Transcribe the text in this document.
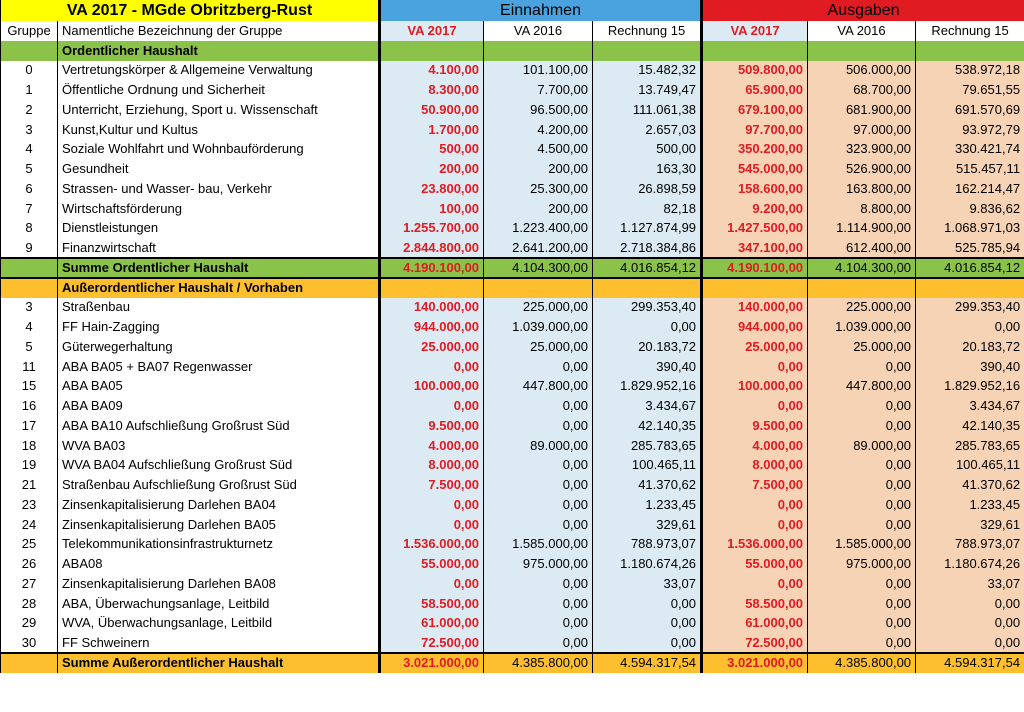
VA 2017 - MGde Obritzberg-Rust		Einnahmen			Ausgaben		
Gruppe	Namentliche Bezeichnung der Gruppe	VA 2017	VA 2016	Rechnung 15	VA 2017	VA 2016	Rechnung 15
	Ordentlicher Haushalt						
0	Vertretungskörper & Allgemeine Verwaltung	4.100,00	101.100,00	15.482,32	509.800,00	506.000,00	538.972,18
1	Öffentliche Ordnung und Sicherheit	8.300,00	7.700,00	13.749,47	65.900,00	68.700,00	79.651,55
2	Unterricht, Erziehung, Sport u. Wissenschaft	50.900,00	96.500,00	111.061,38	679.100,00	681.900,00	691.570,69
3	Kunst,Kultur und Kultus	1.700,00	4.200,00	2.657,03	97.700,00	97.000,00	93.972,79
4	Soziale Wohlfahrt und Wohnbauförderung	500,00	4.500,00	500,00	350.200,00	323.900,00	330.421,74
5	Gesundheit	200,00	200,00	163,30	545.000,00	526.900,00	515.457,11
6	Strassen- und Wasser- bau, Verkehr	23.800,00	25.300,00	26.898,59	158.600,00	163.800,00	162.214,47
7	Wirtschaftsförderung	100,00	200,00	82,18	9.200,00	8.800,00	9.836,62
8	Dienstleistungen	1.255.700,00	1.223.400,00	1.127.874,99	1.427.500,00	1.114.900,00	1.068.971,03
9	Finanzwirtschaft	2.844.800,00	2.641.200,00	2.718.384,86	347.100,00	612.400,00	525.785,94
	Summe Ordentlicher Haushalt	4.190.100,00	4.104.300,00	4.016.854,12	4.190.100,00	4.104.300,00	4.016.854,12
	Außerordentlicher Haushalt / Vorhaben						
3	Straßenbau	140.000,00	225.000,00	299.353,40	140.000,00	225.000,00	299.353,40
4	FF Hain-Zagging	944.000,00	1.039.000,00	0,00	944.000,00	1.039.000,00	0,00
5	Güterwegerhaltung	25.000,00	25.000,00	20.183,72	25.000,00	25.000,00	20.183,72
11	ABA BA05 + BA07 Regenwasser	0,00	0,00	390,40	0,00	0,00	390,40
15	ABA BA05	100.000,00	447.800,00	1.829.952,16	100.000,00	447.800,00	1.829.952,16
16	ABA BA09	0,00	0,00	3.434,67	0,00	0,00	3.434,67
17	ABA BA10 Aufschließung Großrust Süd	9.500,00	0,00	42.140,35	9.500,00	0,00	42.140,35
18	WVA BA03	4.000,00	89.000,00	285.783,65	4.000,00	89.000,00	285.783,65
19	WVA BA04 Aufschließung Großrust Süd	8.000,00	0,00	100.465,11	8.000,00	0,00	100.465,11
21	Straßenbau Aufschließung Großrust Süd	7.500,00	0,00	41.370,62	7.500,00	0,00	41.370,62
23	Zinsenkapitalisierung Darlehen BA04	0,00	0,00	1.233,45	0,00	0,00	1.233,45
24	Zinsenkapitalisierung Darlehen BA05	0,00	0,00	329,61	0,00	0,00	329,61
25	Telekommunikationsinfrastrukturnetz	1.536.000,00	1.585.000,00	788.973,07	1.536.000,00	1.585.000,00	788.973,07
26	ABA08	55.000,00	975.000,00	1.180.674,26	55.000,00	975.000,00	1.180.674,26
27	Zinsenkapitalisierung Darlehen BA08	0,00	0,00	33,07	0,00	0,00	33,07
28	ABA, Überwachungsanlage, Leitbild	58.500,00	0,00	0,00	58.500,00	0,00	0,00
29	WVA, Überwachungsanlage, Leitbild	61.000,00	0,00	0,00	61.000,00	0,00	0,00
30	FF Schweinern	72.500,00	0,00	0,00	72.500,00	0,00	0,00
	Summe Außerordentlicher Haushalt	3.021.000,00	4.385.800,00	4.594.317,54	3.021.000,00	4.385.800,00	4.594.317,54
